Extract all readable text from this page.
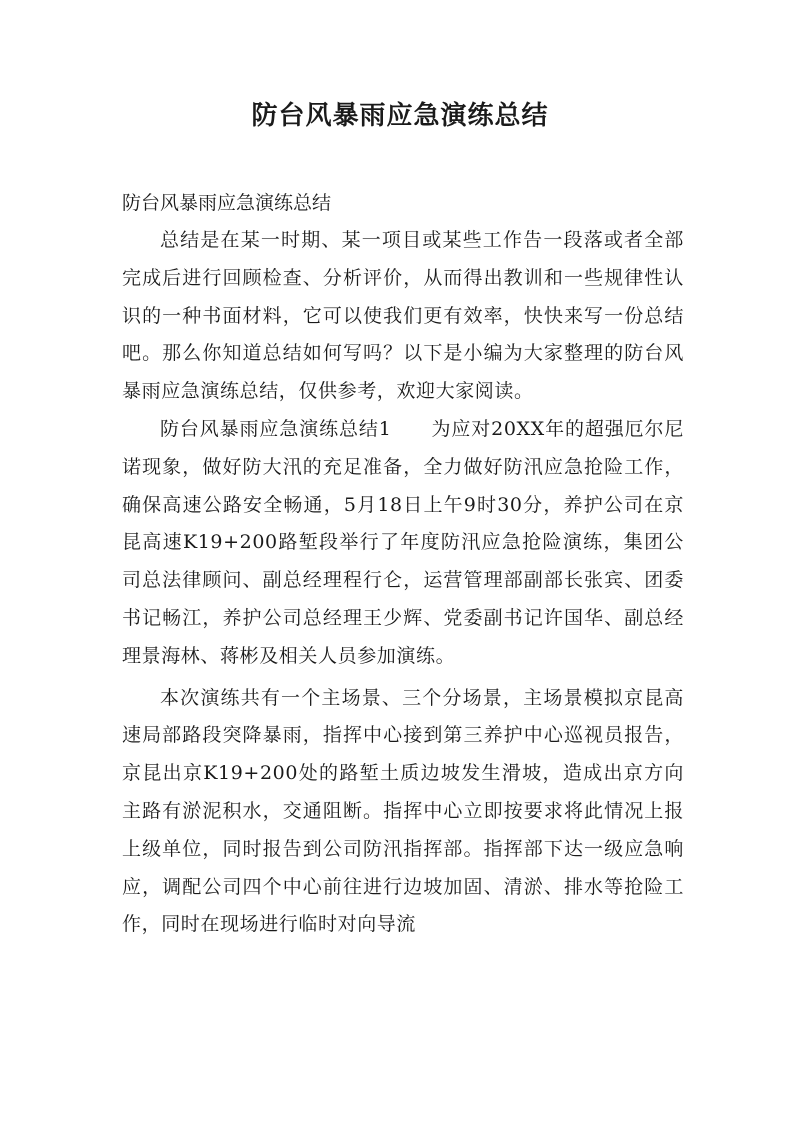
防台风暴雨应急演练总结

防台风暴雨应急演练总结

总结是在某一时期、某一项目或某些工作告一段落或者全部完成后进行回顾检查、分析评价，从而得出教训和一些规律性认识的一种书面材料，它可以使我们更有效率，快快来写一份总结吧。那么你知道总结如何写吗？以下是小编为大家整理的防台风暴雨应急演练总结，仅供参考，欢迎大家阅读。

防台风暴雨应急演练总结1　　为应对20XX年的超强厄尔尼诺现象，做好防大汛的充足准备，全力做好防汛应急抢险工作，确保高速公路安全畅通，5月18日上午9时30分，养护公司在京昆高速K19+200路堑段举行了年度防汛应急抢险演练，集团公司总法律顾问、副总经理程行仑，运营管理部副部长张宾、团委书记畅江，养护公司总经理王少辉、党委副书记许国华、副总经理景海林、蒋彬及相关人员参加演练。

本次演练共有一个主场景、三个分场景，主场景模拟京昆高速局部路段突降暴雨，指挥中心接到第三养护中心巡视员报告，京昆出京K19+200处的路堑土质边坡发生滑坡，造成出京方向主路有淤泥积水，交通阻断。指挥中心立即按要求将此情况上报上级单位，同时报告到公司防汛指挥部。指挥部下达一级应急响应，调配公司四个中心前往进行边坡加固、清淤、排水等抢险工作，同时在现场进行临时对向导流
